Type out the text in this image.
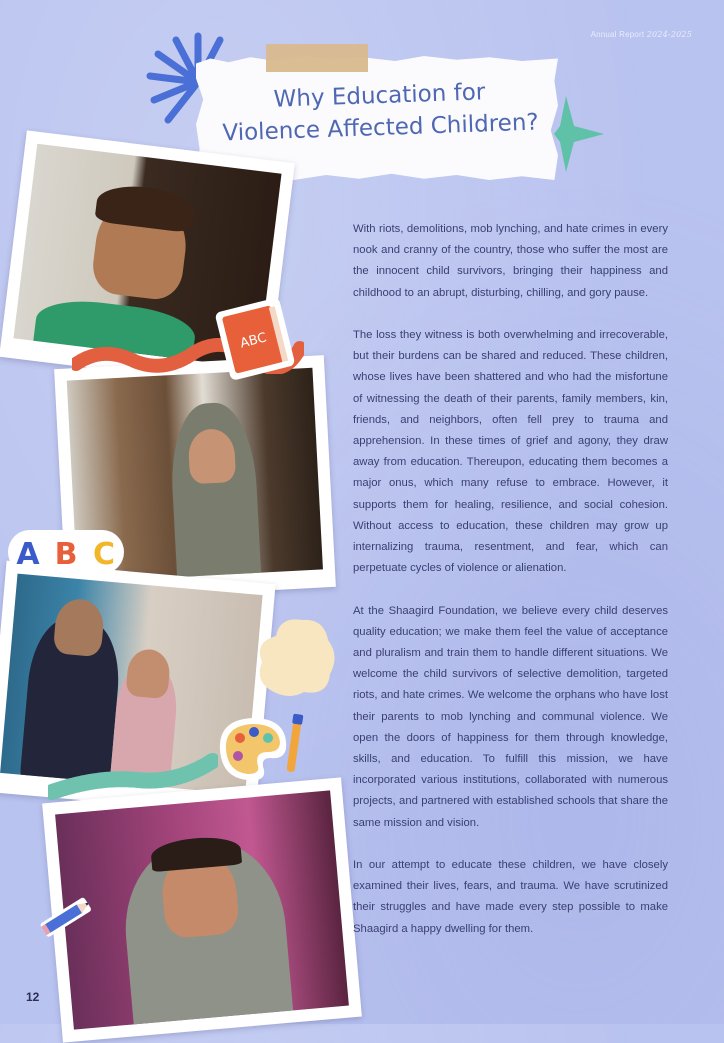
Annual Report 2024-2025
Why Education for
Violence Affected Children?
ABC
A B C

With riots, demolitions, mob lynching, and hate crimes in every nook and cranny of the country, those who suffer the most are the innocent child survivors, bringing their happiness and childhood to an abrupt, disturbing, chilling, and gory pause.

The loss they witness is both overwhelming and irrecoverable, but their burdens can be shared and reduced. These children, whose lives have been shattered and who had the misfortune of witnessing the death of their parents, family members, kin, friends, and neighbors, often fell prey to trauma and apprehension. In these times of grief and agony, they draw away from education. Thereupon, educating them becomes a major onus, which many refuse to embrace. However, it supports them for healing, resilience, and social cohesion. Without access to education, these children may grow up internalizing trauma, resentment, and fear, which can perpetuate cycles of violence or alienation.

At the Shaagird Foundation, we believe every child deserves quality education; we make them feel the value of acceptance and pluralism and train them to handle different situations. We welcome the child survivors of selective demolition, targeted riots, and hate crimes. We welcome the orphans who have lost their parents to mob lynching and communal violence. We open the doors of happiness for them through knowledge, skills, and education. To fulfill this mission, we have incorporated various institutions, collaborated with numerous projects, and partnered with established schools that share the same mission and vision.

In our attempt to educate these children, we have closely examined their lives, fears, and trauma. We have scrutinized their struggles and have made every step possible to make Shaagird a happy dwelling for them.

12
